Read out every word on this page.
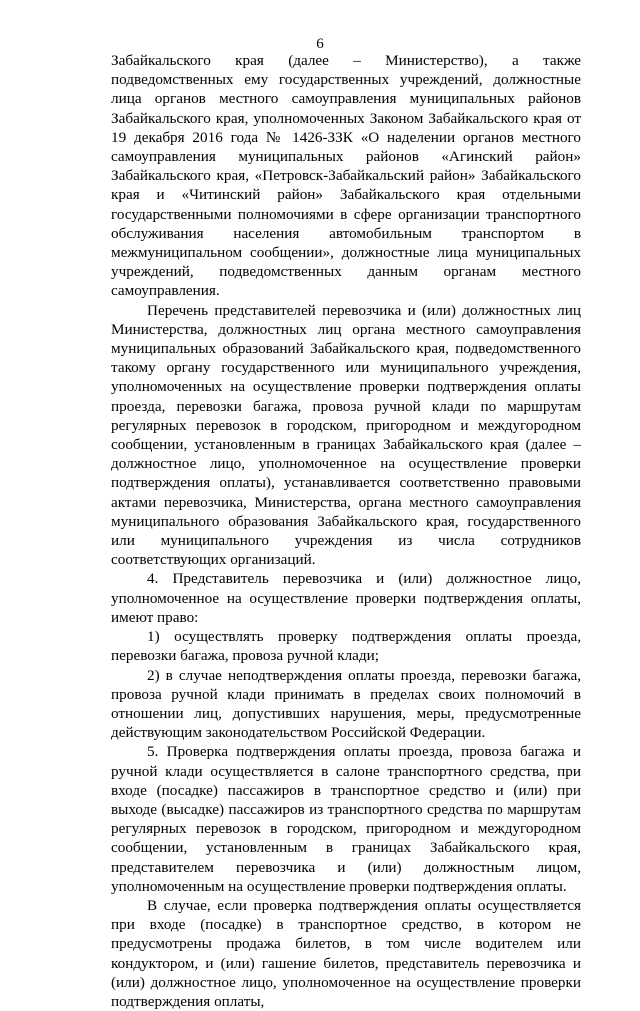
6

Забайкальского края (далее – Министерство), а также подведомственных ему государственных учреждений, должностные лица органов местного самоуправления муниципальных районов Забайкальского края, уполномоченных Законом Забайкальского края от 19 декабря 2016 года № 1426-ЗЗК «О наделении органов местного самоуправления муниципальных районов «Агинский район» Забайкальского края, «Петровск-Забайкальский район» Забайкальского края и «Читинский район» Забайкальского края отдельными государственными полномочиями в сфере организации транспортного обслуживания населения автомобильным транспортом в межмуниципальном сообщении», должностные лица муниципальных учреждений, подведомственных данным органам местного самоуправления.

Перечень представителей перевозчика и (или) должностных лиц Министерства, должностных лиц органа местного самоуправления муниципальных образований Забайкальского края, подведомственного такому органу государственного или муниципального учреждения, уполномоченных на осуществление проверки подтверждения оплаты проезда, перевозки багажа, провоза ручной клади по маршрутам регулярных перевозок в городском, пригородном и междугородном сообщении, установленным в границах Забайкальского края (далее – должностное лицо, уполномоченное на осуществление проверки подтверждения оплаты), устанавливается соответственно правовыми актами перевозчика, Министерства, органа местного самоуправления муниципального образования Забайкальского края, государственного или муниципального учреждения из числа сотрудников соответствующих организаций.

4. Представитель перевозчика и (или) должностное лицо, уполномоченное на осуществление проверки подтверждения оплаты, имеют право:

1) осуществлять проверку подтверждения оплаты проезда, перевозки багажа, провоза ручной клади;

2) в случае неподтверждения оплаты проезда, перевозки багажа, провоза ручной клади принимать в пределах своих полномочий в отношении лиц, допустивших нарушения, меры, предусмотренные действующим законодательством Российской Федерации.

5. Проверка подтверждения оплаты проезда, провоза багажа и ручной клади осуществляется в салоне транспортного средства, при входе (посадке) пассажиров в транспортное средство и (или) при выходе (высадке) пассажиров из транспортного средства по маршрутам регулярных перевозок в городском, пригородном и междугородном сообщении, установленным в границах Забайкальского края, представителем перевозчика и (или) должностным лицом, уполномоченным на осуществление проверки подтверждения оплаты.

В случае, если проверка подтверждения оплаты осуществляется при входе (посадке) в транспортное средство, в котором не предусмотрены продажа билетов, в том числе водителем или кондуктором, и (или) гашение билетов, представитель перевозчика и (или) должностное лицо, уполномоченное на осуществление проверки подтверждения оплаты,
